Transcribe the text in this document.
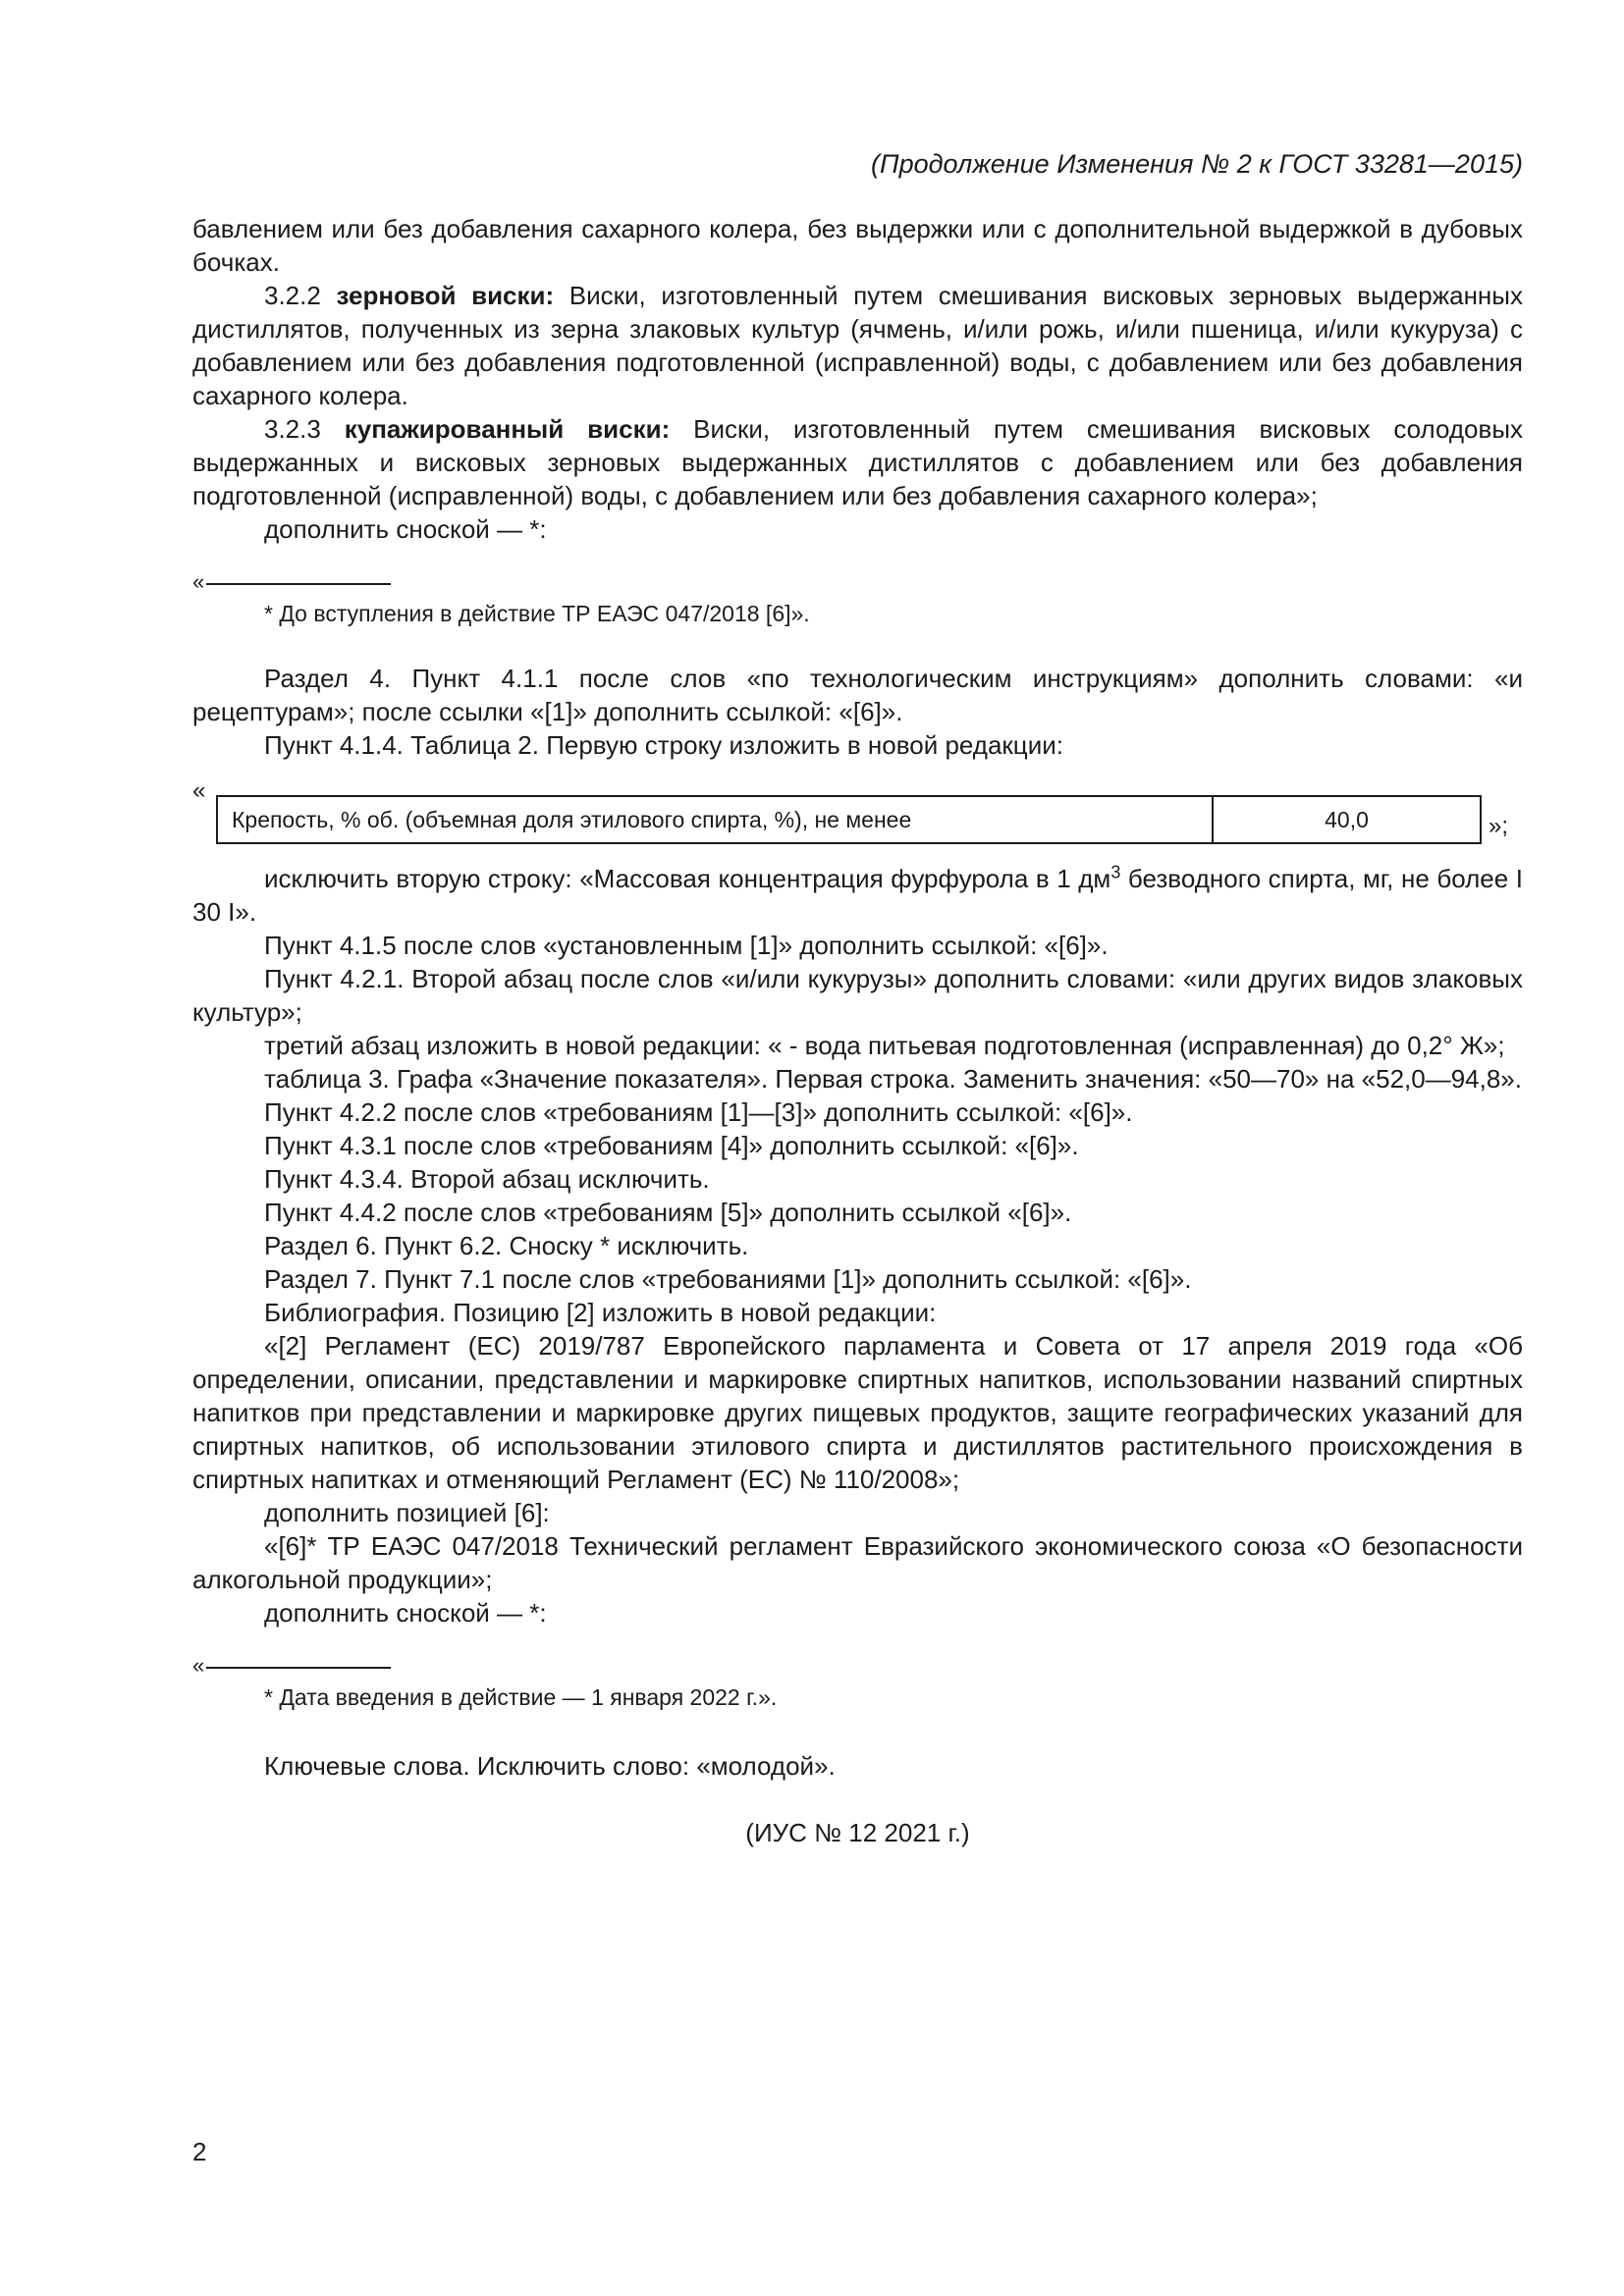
(Продолжение Изменения № 2 к ГОСТ 33281—2015)

бавлением или без добавления сахарного колера, без выдержки или с дополнительной выдержкой в дубовых бочках.

3.2.2 зерновой виски: Виски, изготовленный путем смешивания висковых зерновых выдержанных дистиллятов, полученных из зерна злаковых культур (ячмень, и/или рожь, и/или пшеница, и/или кукуруза) с добавлением или без добавления подготовленной (исправленной) воды, с добавлением или без добавления сахарного колера.

3.2.3 купажированный виски: Виски, изготовленный путем смешивания висковых солодовых выдержанных и висковых зерновых выдержанных дистиллятов с добавлением или без добавления подготовленной (исправленной) воды, с добавлением или без добавления сахарного колера»;

дополнить сноской — *:

«
* До вступления в действие ТР ЕАЭС 047/2018 [6]».

Раздел 4. Пункт 4.1.1 после слов «по технологическим инструкциям» дополнить словами: «и рецептурам»; после ссылки «[1]» дополнить ссылкой: «[6]».

Пункт 4.1.4. Таблица 2. Первую строку изложить в новой редакции:

«
Крепость, % об. (объемная доля этилового спирта, %), не менее	40,0	»;

исключить вторую строку: «Массовая концентрация фурфурола в 1 $дм^3$ безводного спирта, мг, не более I 30 I».

Пункт 4.1.5 после слов «установленным [1]» дополнить ссылкой: «[6]».

Пункт 4.2.1. Второй абзац после слов «и/или кукурузы» дополнить словами: «или других видов злаковых культур»;

третий абзац изложить в новой редакции: « - вода питьевая подготовленная (исправленная) до 0,2° Ж»;

таблица 3. Графа «Значение показателя». Первая строка. Заменить значения: «50—70» на «52,0—94,8».

Пункт 4.2.2 после слов «требованиям [1]—[3]» дополнить ссылкой: «[6]».

Пункт 4.3.1 после слов «требованиям [4]» дополнить ссылкой: «[6]».

Пункт 4.3.4. Второй абзац исключить.

Пункт 4.4.2 после слов «требованиям [5]» дополнить ссылкой «[6]».

Раздел 6. Пункт 6.2. Сноску * исключить.

Раздел 7. Пункт 7.1 после слов «требованиями [1]» дополнить ссылкой: «[6]».

Библиография. Позицию [2] изложить в новой редакции:

«[2] Регламент (ЕС) 2019/787 Европейского парламента и Совета от 17 апреля 2019 года «Об определении, описании, представлении и маркировке спиртных напитков, использовании названий спиртных напитков при представлении и маркировке других пищевых продуктов, защите географических указаний для спиртных напитков, об использовании этилового спирта и дистиллятов растительного происхождения в спиртных напитках и отменяющий Регламент (ЕС) № 110/2008»;

дополнить позицией [6]:

«[6]* ТР ЕАЭС 047/2018 Технический регламент Евразийского экономического союза «О безопасности алкогольной продукции»;

дополнить сноской — *:

«
* Дата введения в действие — 1 января 2022 г.».

Ключевые слова. Исключить слово: «молодой».

(ИУС № 12 2021 г.)

2
